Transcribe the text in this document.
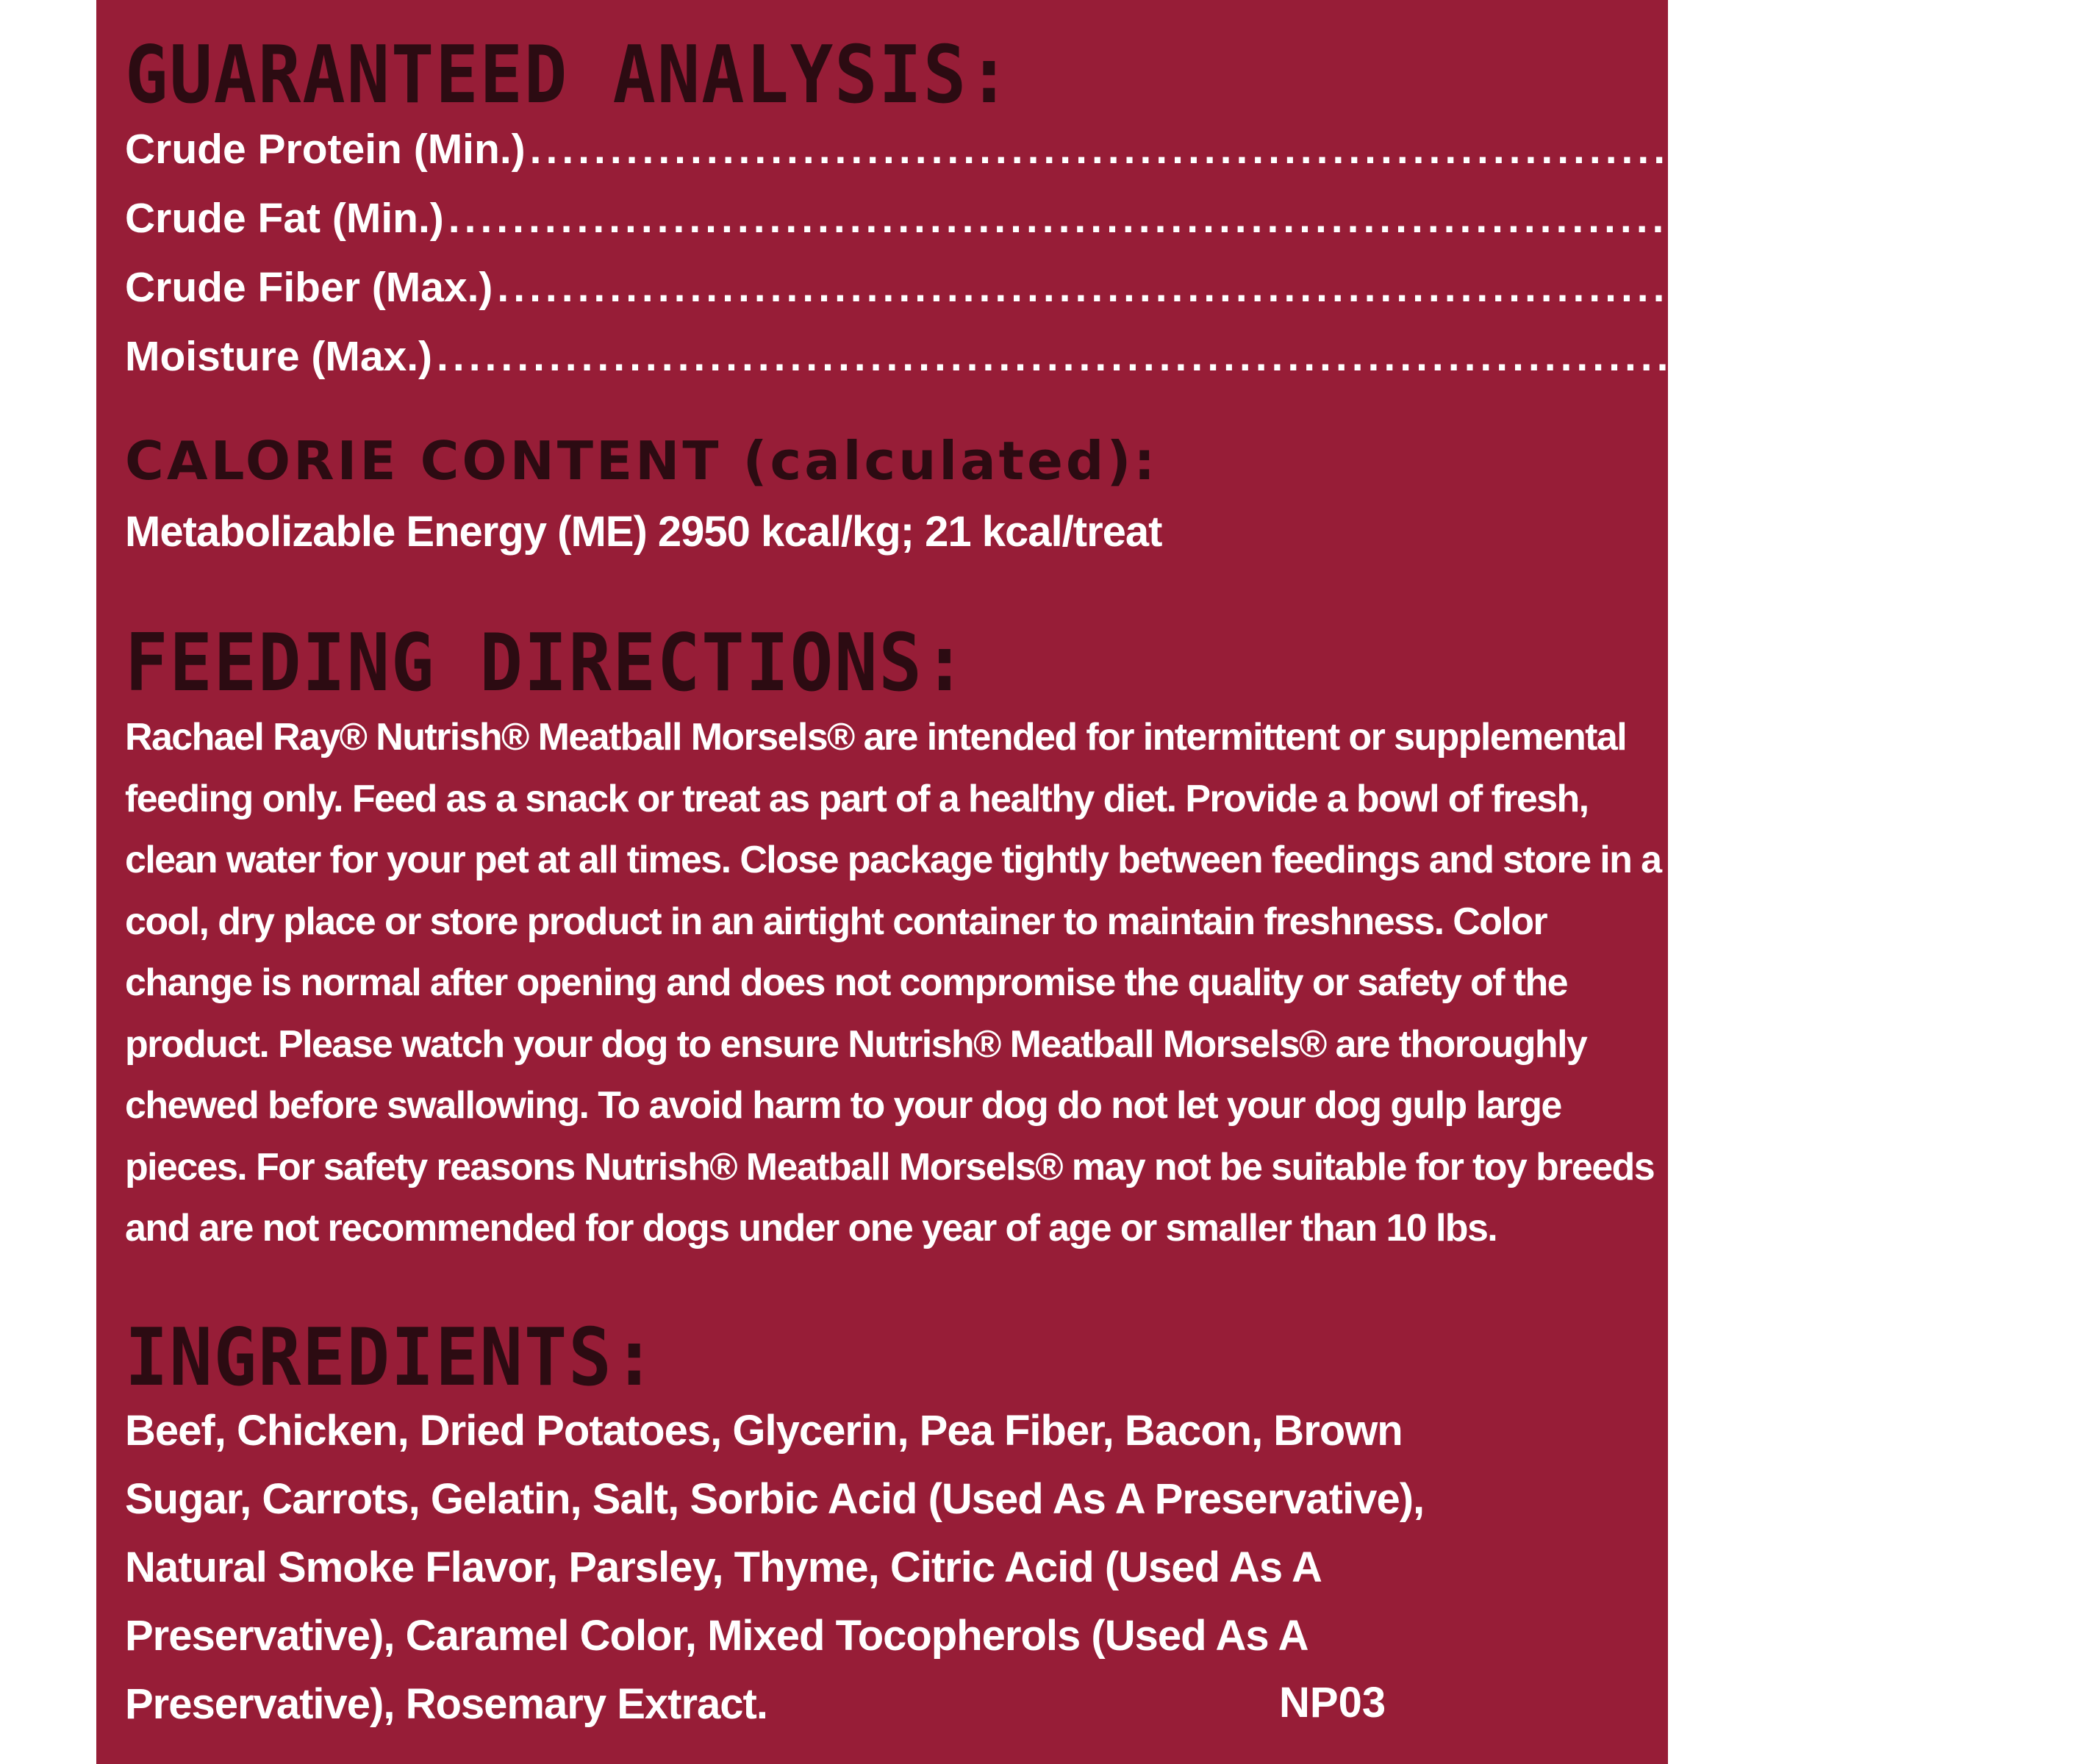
GUARANTEED ANALYSIS:
Crude Protein (Min.) .......................................................................................... 10.0%
Crude Fat (Min.) .......................................................................................... 7.0%
Crude Fiber (Max.) .......................................................................................... 4.0%
Moisture (Max.) .......................................................................................... 25.0%
CALORIE CONTENT (calculated):

Metabolizable Energy (ME) 2950 kcal/kg; 21 kcal/treat

FEEDING DIRECTIONS:

Rachael Ray® Nutrish® Meatball Morsels® are intended for intermittent or supplemental feeding only. Feed as a snack or treat as part of a healthy diet. Provide a bowl of fresh, clean water for your pet at all times. Close package tightly between feedings and store in a cool, dry place or store product in an airtight container to maintain freshness. Color change is normal after opening and does not compromise the quality or safety of the product. Please watch your dog to ensure Nutrish® Meatball Morsels® are thoroughly chewed before swallowing. To avoid harm to your dog do not let your dog gulp large pieces. For safety reasons Nutrish® Meatball Morsels® may not be suitable for toy breeds and are not recommended for dogs under one year of age or smaller than 10 lbs.

INGREDIENTS:

Beef, Chicken, Dried Potatoes, Glycerin, Pea Fiber, Bacon, Brown Sugar, Carrots, Gelatin, Salt, Sorbic Acid (Used As A Preservative), Natural Smoke Flavor, Parsley, Thyme, Citric Acid (Used As A Preservative), Caramel Color, Mixed Tocopherols (Used As A Preservative), Rosemary Extract.	NP03
